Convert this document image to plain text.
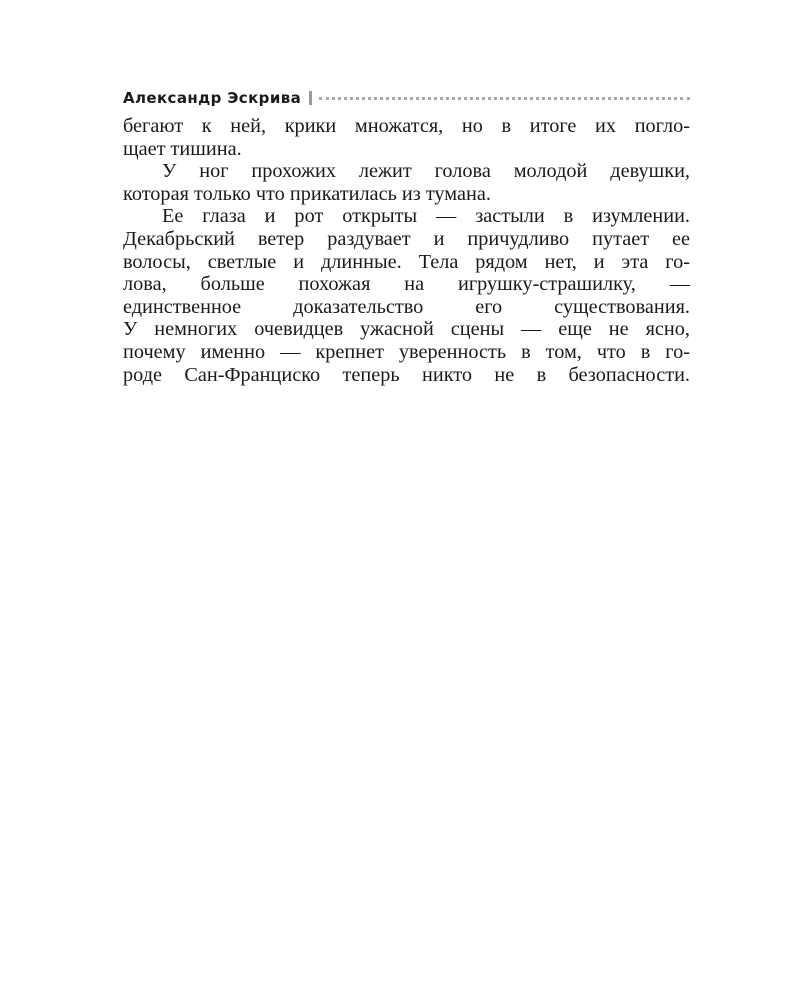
Александр Эскрива
бегают к ней, крики множатся, но в итоге их погло-
щает тишина.
У ног прохожих лежит голова молодой девушки,
которая только что прикатилась из тумана.
Ее глаза и рот открыты — застыли в изумлении.
Декабрьский ветер раздувает и причудливо путает ее
волосы, светлые и длинные. Тела рядом нет, и эта го-
лова, больше похожая на игрушку-страшилку, —
единственное доказательство его существования.
У немногих очевидцев ужасной сцены — еще не ясно,
почему именно — крепнет уверенность в том, что в го-
роде Сан-Франциско теперь никто не в безопасности.
